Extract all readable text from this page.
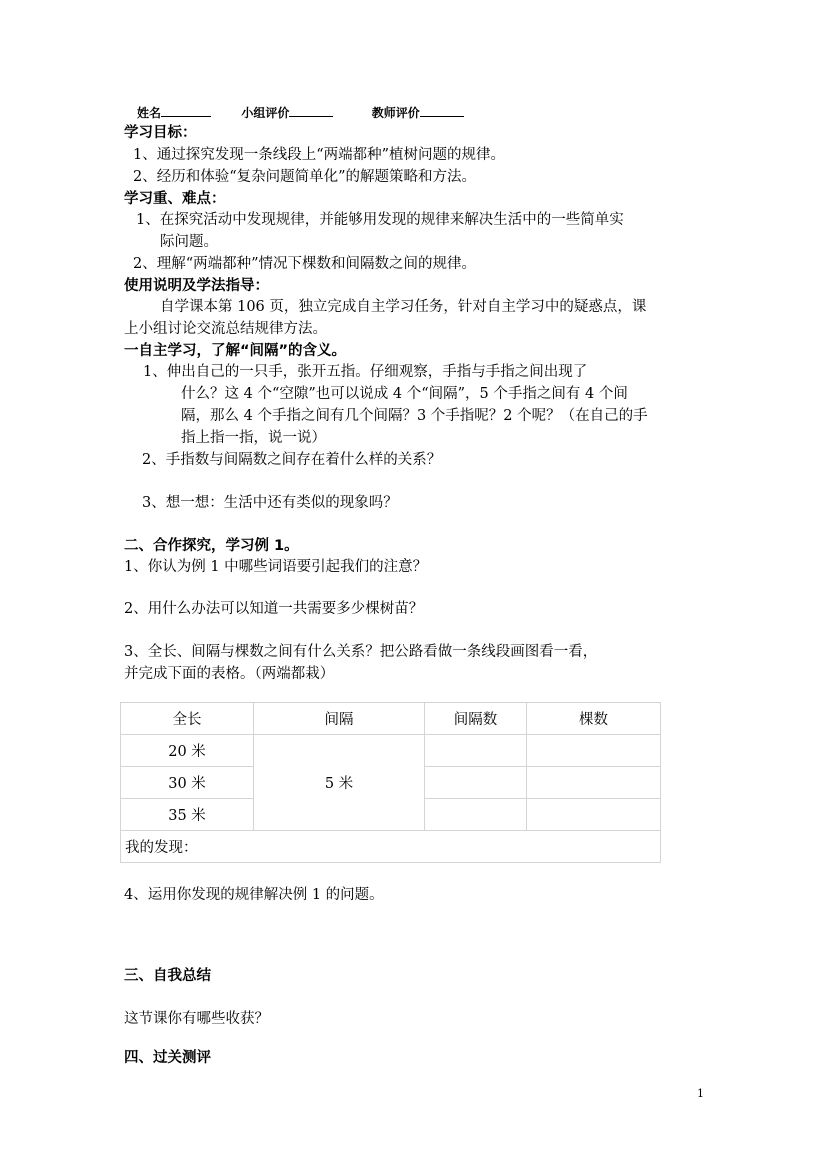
姓名	小组评价	教师评价
学习目标：
1、通过探究发现一条线段上“两端都种”植树问题的规律。
2、经历和体验“复杂问题简单化”的解题策略和方法。
学习重、难点：
1、在探究活动中发现规律，并能够用发现的规律来解决生活中的一些简单实
际问题。
2、理解“两端都种”情况下棵数和间隔数之间的规律。
使用说明及学法指导：
自学课本第 106 页，独立完成自主学习任务，针对自主学习中的疑惑点，课
上小组讨论交流总结规律方法。
一自主学习，了解“间隔”的含义。
1、伸出自己的一只手，张开五指。仔细观察，手指与手指之间出现了
什么？这 4 个“空隙”也可以说成 4 个“间隔”，5 个手指之间有 4 个间
隔，那么 4 个手指之间有几个间隔？3 个手指呢？2 个呢？（在自己的手
指上指一指，说一说）
2、手指数与间隔数之间存在着什么样的关系？
3、想一想：生活中还有类似的现象吗？
二、合作探究，学习例 1。
1、你认为例 1 中哪些词语要引起我们的注意？
2、用什么办法可以知道一共需要多少棵树苗？
3、全长、间隔与棵数之间有什么关系？把公路看做一条线段画图看一看，
并完成下面的表格。（两端都栽）
全长	间隔	间隔数	棵数
20 米	5 米		
30 米			
35 米			
我的发现：			
4、运用你发现的规律解决例 1 的问题。
三、自我总结
这节课你有哪些收获？
四、过关测评
1
